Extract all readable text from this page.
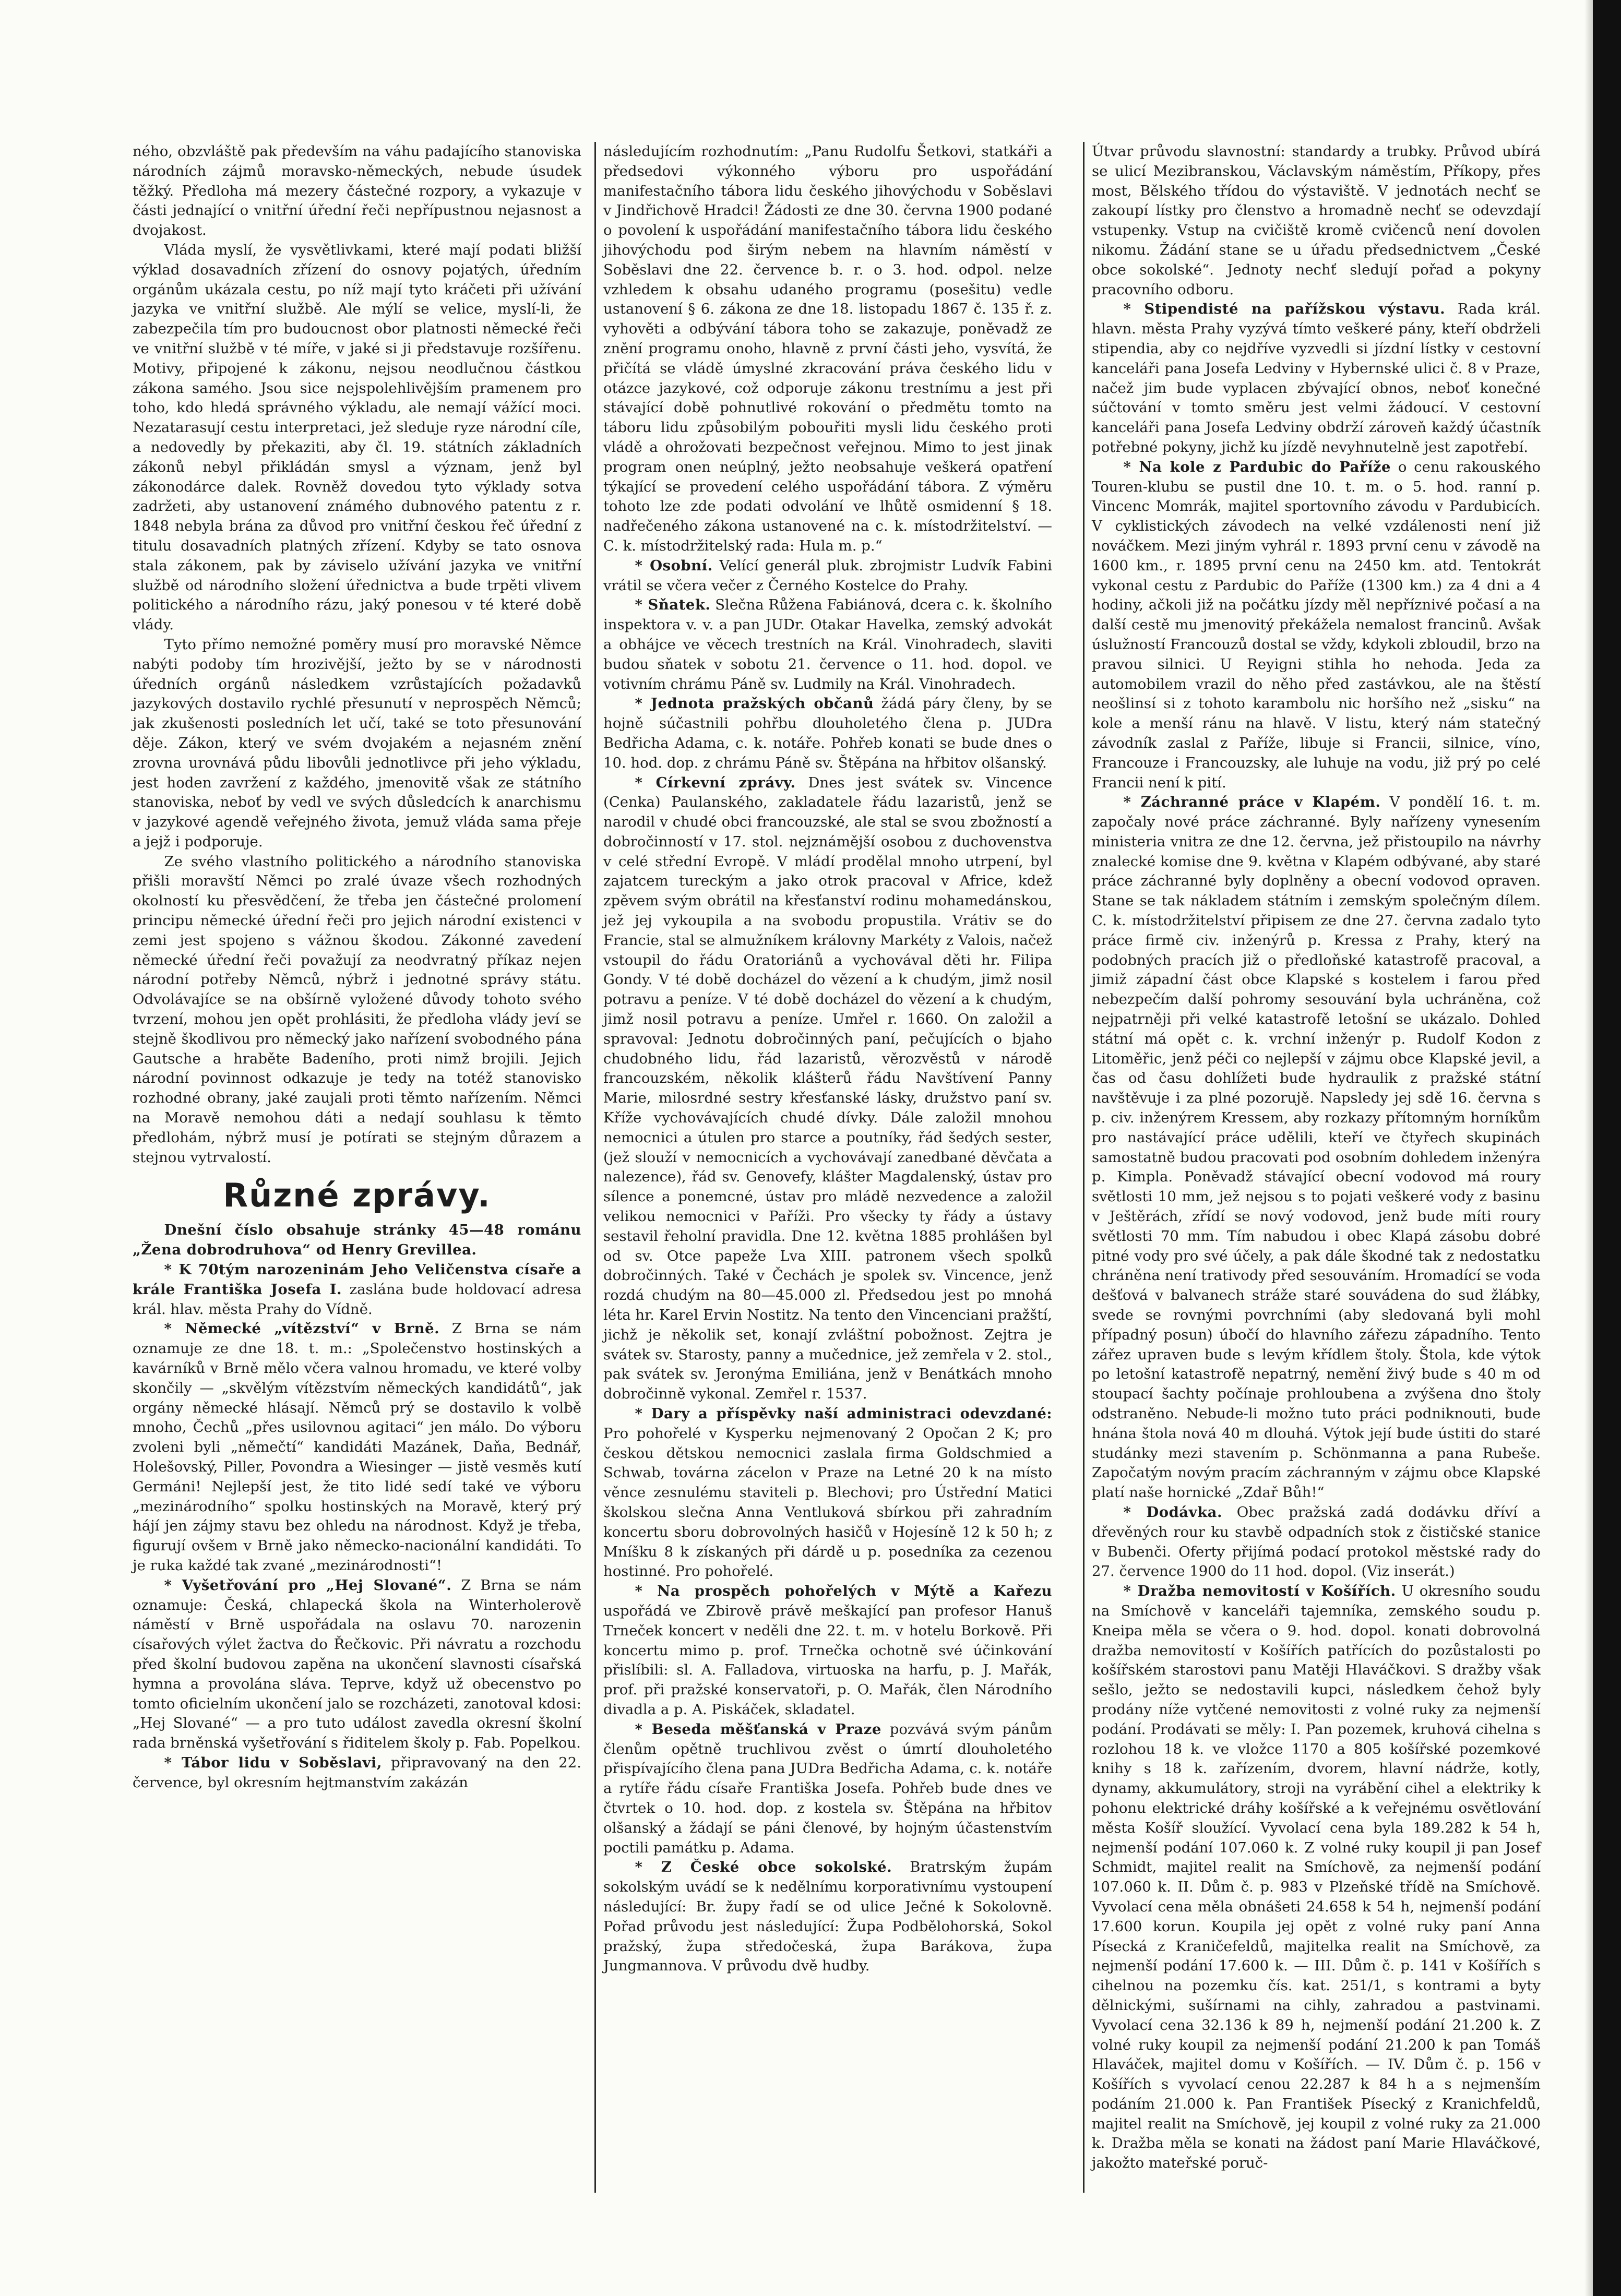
ného, obzvláště pak především na váhu padajícího stanoviska národních zájmů moravsko-německých, nebude úsudek těžký. Předloha má mezery částečné rozpory, a vykazuje v části jednající o vnitřní úřední řeči nepřípustnou nejasnost a dvojakost.

Vláda myslí, že vysvětlivkami, které mají podati bližší výklad dosavadních zřízení do osnovy pojatých, úředním orgánům ukázala cestu, po níž mají tyto kráčeti při užívání jazyka ve vnitřní službě. Ale mýlí se velice, myslí-li, že zabezpečila tím pro budoucnost obor platnosti německé řeči ve vnitřní službě v té míře, v jaké si ji představuje rozšířenu. Motivy, připojené k zákonu, nejsou neodlučnou částkou zákona samého. Jsou sice nejspolehlivějším pramenem pro toho, kdo hledá správného výkladu, ale nemají vážící moci. Nezatarasují cestu interpretaci, jež sleduje ryze národní cíle, a nedovedly by překaziti, aby čl. 19. státních základních zákonů nebyl přikládán smysl a význam, jenž byl zákonodárce dalek. Rovněž dovedou tyto výklady sotva zadržeti, aby ustanovení známého dubnového patentu z r. 1848 nebyla brána za důvod pro vnitřní českou řeč úřední z titulu dosavadních platných zřízení. Kdyby se tato osnova stala zákonem, pak by záviselo užívání jazyka ve vnitřní službě od národního složení úřednictva a bude trpěti vlivem politického a národního rázu, jaký ponesou v té které době vlády.

Tyto přímo nemožné poměry musí pro moravské Němce nabýti podoby tím hrozivější, ježto by se v národnosti úředních orgánů následkem vzrůstajících požadavků jazykových dostavilo rychlé přesunutí v neprospěch Němců; jak zkušenosti posledních let učí, také se toto přesunování děje. Zákon, který ve svém dvojakém a nejasném znění zrovna urovnává půdu libovůli jednotlivce při jeho výkladu, jest hoden zavržení z každého, jmenovitě však ze státního stanoviska, neboť by vedl ve svých důsledcích k anarchismu v jazykové agendě veřejného života, jemuž vláda sama přeje a jejž i podporuje.

Ze svého vlastního politického a národního stanoviska přišli moravští Němci po zralé úvaze všech rozhodných okolností ku přesvědčení, že třeba jen částečné prolomení principu německé úřední řeči pro jejich národní existenci v zemi jest spojeno s vážnou škodou. Zákonné zavedení německé úřední řeči považují za neodvratný příkaz nejen národní potřeby Němců, nýbrž i jednotné správy státu. Odvolávajíce se na obšírně vyložené důvody tohoto svého tvrzení, mohou jen opět prohlásiti, že předloha vlády jeví se stejně škodlivou pro německý jako nařízení svobodného pána Gautsche a hraběte Badeního, proti nimž brojili. Jejich národní povinnost odkazuje je tedy na totéž stanovisko rozhodné obrany, jaké zaujali proti těmto nařízením. Němci na Moravě nemohou dáti a nedají souhlasu k těmto předlohám, nýbrž musí je potírati se stejným důrazem a stejnou vytrvalostí.

Různé zprávy.

Dnešní číslo obsahuje stránky 45—48 románu „Žena dobrodruhova“ od Henry Grevillea.

* K 70tým narozeninám Jeho Veličenstva císaře a krále Františka Josefa I. zaslána bude holdovací adresa král. hlav. města Prahy do Vídně.

* Německé „vítězství“ v Brně. Z Brna se nám oznamuje ze dne 18. t. m.: „Společenstvo hostinských a kavárníků v Brně mělo včera valnou hromadu, ve které volby skončily — „skvělým vítězstvím německých kandidátů“, jak orgány německé hlásají. Němců prý se dostavilo k volbě mnoho, Čechů „přes usilovnou agitaci“ jen málo. Do výboru zvoleni byli „němečtí“ kandidáti Mazánek, Daňa, Bednář, Holešovský, Piller, Povondra a Wiesinger — jistě vesměs kutí Germáni! Nejlepší jest, že tito lidé sedí také ve výboru „mezinárodního“ spolku hostinských na Moravě, který prý hájí jen zájmy stavu bez ohledu na národnost. Když je třeba, figurují ovšem v Brně jako německo-nacionální kandidáti. To je ruka každé tak zvané „mezinárodnosti“!

* Vyšetřování pro „Hej Slované“. Z Brna se nám oznamuje: Česká, chlapecká škola na Winterholerově náměstí v Brně uspořádala na oslavu 70. narozenin císařových výlet žactva do Řečkovic. Při návratu a rozchodu před školní budovou zapěna na ukončení slavnosti císařská hymna a provolána sláva. Teprve, když už obecenstvo po tomto oficielním ukončení jalo se rozcházeti, zanotoval kdosi: „Hej Slované“ — a pro tuto událost zavedla okresní školní rada brněnská vyšetřování s řiditelem školy p. Fab. Popelkou.

* Tábor lidu v Soběslavi, připravovaný na den 22. července, byl okresním hejtmanstvím zakázán

následujícím rozhodnutím: „Panu Rudolfu Šetkovi, statkáři a předsedovi výkonného výboru pro uspořádání manifestačního tábora lidu českého jihovýchodu v Soběslavi v Jindřichově Hradci! Žádosti ze dne 30. června 1900 podané o povolení k uspořádání manifestačního tábora lidu českého jihovýchodu pod širým nebem na hlavním náměstí v Soběslavi dne 22. července b. r. o 3. hod. odpol. nelze vzhledem k obsahu udaného programu (posešitu) vedle ustanovení § 6. zákona ze dne 18. listopadu 1867 č. 135 ř. z. vyhověti a odbývání tábora toho se zakazuje, poněvadž ze znění programu onoho, hlavně z první části jeho, vysvítá, že přičítá se vládě úmyslné zkracování práva českého lidu v otázce jazykové, což odporuje zákonu trestnímu a jest při stávající době pohnutlivé rokování o předmětu tomto na táboru lidu způsobilým pobouřiti mysli lidu českého proti vládě a ohrožovati bezpečnost veřejnou. Mimo to jest jinak program onen neúplný, ježto neobsahuje veškerá opatření týkající se provedení celého uspořádání tábora. Z výměru tohoto lze zde podati odvolání ve lhůtě osmidenní § 18. nadřečeného zákona ustanovené na c. k. místodržitelství. — C. k. místodržitelský rada: Hula m. p.“

* Osobní. Velící generál pluk. zbrojmistr Ludvík Fabini vrátil se včera večer z Černého Kostelce do Prahy.

* Sňatek. Slečna Růžena Fabiánová, dcera c. k. školního inspektora v. v. a pan JUDr. Otakar Havelka, zemský advokát a obhájce ve věcech trestních na Král. Vinohradech, slaviti budou sňatek v sobotu 21. července o 11. hod. dopol. ve votivním chrámu Páně sv. Ludmily na Král. Vinohradech.

* Jednota pražských občanů žádá páry členy, by se hojně súčastnili pohřbu dlouholetého člena p. JUDra Bedřicha Adama, c. k. notáře. Pohřeb konati se bude dnes o 10. hod. dop. z chrámu Páně sv. Štěpána na hřbitov olšanský.

* Církevní zprávy. Dnes jest svátek sv. Vincence (Cenka) Paulanského, zakladatele řádu lazaristů, jenž se narodil v chudé obci francouzské, ale stal se svou zbožností a dobročinností v 17. stol. nejznámější osobou z duchovenstva v celé střední Evropě. V mládí prodělal mnoho utrpení, byl zajatcem tureckým a jako otrok pracoval v Africe, kdež zpěvem svým obrátil na křesťanství rodinu mohamedánskou, jež jej vykoupila a na svobodu propustila. Vrátiv se do Francie, stal se almužníkem královny Markéty z Valois, načež vstoupil do řádu Oratoriánů a vychovával děti hr. Filipa Gondy. V té době docházel do vězení a k chudým, jimž nosil potravu a peníze. V té době docházel do vězení a k chudým, jimž nosil potravu a peníze. Umřel r. 1660. On založil a spravoval: Jednotu dobročinných paní, pečujících o bjaho chudobného lidu, řád lazaristů, věrozvěstů v národě francouzském, několik klášterů řádu Navštívení Panny Marie, milosrdné sestry křesťanské lásky, družstvo paní sv. Kříže vychovávajících chudé dívky. Dále založil mnohou nemocnici a útulen pro starce a poutníky, řád šedých sester, (jež slouží v nemocnicích a vychovávají zanedbané děvčata a nalezence), řád sv. Genovefy, klášter Magdalenský, ústav pro sílence a ponemcné, ústav pro mládě nezvedence a založil velikou nemocnici v Paříži. Pro všecky ty řády a ústavy sestavil řeholní pravidla. Dne 12. května 1885 prohlášen byl od sv. Otce papeže Lva XIII. patronem všech spolků dobročinných. Také v Čechách je spolek sv. Vincence, jenž rozdá chudým na 80—45.000 zl. Předsedou jest po mnohá léta hr. Karel Ervin Nostitz. Na tento den Vincenciani pražští, jichž je několik set, konají zvláštní pobožnost. Zejtra je svátek sv. Starosty, panny a mučednice, jež zemřela v 2. stol., pak svátek sv. Jeronýma Emiliána, jenž v Benátkách mnoho dobročinně vykonal. Zemřel r. 1537.

* Dary a příspěvky naší administraci odevzdané: Pro pohořelé v Kysperku nejmenovaný 2 Opočan 2 K; pro českou dětskou nemocnici zaslala firma Goldschmied a Schwab, továrna zácelon v Praze na Letné 20 k na místo věnce zesnulému staviteli p. Blechovi; pro Ústřední Matici školskou slečna Anna Ventluková sbírkou při zahradním koncertu sboru dobrovolných hasičů v Hojesíně 12 k 50 h; z Mníšku 8 k získaných při dárdě u p. posedníka za cezenou hostinné. Pro pohořelé.

* Na prospěch pohořelých v Mýtě a Kařezu uspořádá ve Zbirově právě meškající pan profesor Hanuš Trneček koncert v neděli dne 22. t. m. v hotelu Borkově. Při koncertu mimo p. prof. Trnečka ochotně své účinkování přislíbili: sl. A. Falladova, virtuoska na harfu, p. J. Mařák, prof. při pražské konservatoři, p. O. Mařák, člen Národního divadla a p. A. Piskáček, skladatel.

* Beseda měšťanská v Praze pozvává svým pánům členům opětně truchlivou zvěst o úmrtí dlouholetého přispívajícího člena pana JUDra Bedřicha Adama, c. k. notáře a rytíře řádu císaře Františka Josefa. Pohřeb bude dnes ve čtvrtek o 10. hod. dop. z kostela sv. Štěpána na hřbitov olšanský a žádají se páni členové, by hojným účastenstvím poctili památku p. Adama.

* Z České obce sokolské. Bratrským župám sokolským uvádí se k nedělnímu korporativnímu vystoupení následující: Br. župy řadí se od ulice Ječné k Sokolovně. Pořad průvodu jest následující: Župa Podbělohorská, Sokol pražský, župa středočeská, župa Barákova, župa Jungmannova. V průvodu dvě hudby.

Útvar průvodu slavnostní: standardy a trubky. Průvod ubírá se ulicí Mezibranskou, Václavským náměstím, Příkopy, přes most, Bělského třídou do výstaviště. V jednotách nechť se zakoupí lístky pro členstvo a hromadně nechť se odevzdají vstupenky. Vstup na cvičiště kromě cvičenců není dovolen nikomu. Žádání stane se u úřadu předsednictvem „České obce sokolské“. Jednoty nechť sledují pořad a pokyny pracovního odboru.

* Stipendisté na pařížskou výstavu. Rada král. hlavn. města Prahy vyzývá tímto veškeré pány, kteří obdrželi stipendia, aby co nejdříve vyzvedli si jízdní lístky v cestovní kanceláři pana Josefa Ledviny v Hybernské ulici č. 8 v Praze, načež jim bude vyplacen zbývající obnos, neboť konečné súčtování v tomto směru jest velmi žádoucí. V cestovní kanceláři pana Josefa Ledviny obdrží zároveň každý účastník potřebné pokyny, jichž ku jízdě nevyhnutelně jest zapotřebí.

* Na kole z Pardubic do Paříže o cenu rakouského Touren-klubu se pustil dne 10. t. m. o 5. hod. ranní p. Vincenc Momrák, majitel sportovního závodu v Pardubicích. V cyklistických závodech na velké vzdálenosti není již nováčkem. Mezi jiným vyhrál r. 1893 první cenu v závodě na 1600 km., r. 1895 první cenu na 2450 km. atd. Tentokrát vykonal cestu z Pardubic do Paříže (1300 km.) za 4 dni a 4 hodiny, ačkoli již na počátku jízdy měl nepříznivé počasí a na další cestě mu jmenovitý překážela nemalost francinů. Avšak úslužností Francouzů dostal se vždy, kdykoli zbloudil, brzo na pravou silnici. U Reyigni stihla ho nehoda. Jeda za automobilem vrazil do něho před zastávkou, ale na štěstí neošlinsí si z tohoto karambolu nic horšího než „sisku“ na kole a menší ránu na hlavě. V listu, který nám statečný závodník zaslal z Paříže, libuje si Francii, silnice, víno, Francouze i Francouzsky, ale luhuje na vodu, již prý po celé Francii není k pití.

* Záchranné práce v Klapém. V pondělí 16. t. m. započaly nové práce záchranné. Byly nařízeny vynesením ministeria vnitra ze dne 12. června, jež přistoupilo na návrhy znalecké komise dne 9. května v Klapém odbývané, aby staré práce záchranné byly doplněny a obecní vodovod opraven. Stane se tak nákladem státním i zemským společným dílem. C. k. místodržitelství připisem ze dne 27. června zadalo tyto práce firmě civ. inženýrů p. Kressa z Prahy, který na podobných pracích již o předloňské katastrofě pracoval, a jimiž západní část obce Klapské s kostelem i farou před nebezpečím další pohromy sesouvání byla uchráněna, což nejpatrněji při velké katastrofě letošní se ukázalo. Dohled státní má opět c. k. vrchní inženýr p. Rudolf Kodon z Litoměřic, jenž péči co nejlepší v zájmu obce Klapské jevil, a čas od času dohlížeti bude hydraulik z pražské státní navštěvuje i za plné pozorujě. Napsledy jej sdě 16. června s p. civ. inženýrem Kressem, aby rozkazy přítomným horníkům pro nastávající práce udělili, kteří ve čtyřech skupinách samostatně budou pracovati pod osobním dohledem inženýra p. Kimpla. Poněvadž stávající obecní vodovod má roury světlosti 10 mm, jež nejsou s to pojati veškeré vody z basinu v Ještěrách, zřídí se nový vodovod, jenž bude míti roury světlosti 70 mm. Tím nabudou i obec Klapá zásobu dobré pitné vody pro své účely, a pak dále škodné tak z nedostatku chráněna není trativody před sesouváním. Hromadící se voda dešťová v balvanech stráže staré souvádena do sud žlábky, svede se rovnými povrchními (aby sledovaná byli mohl případný posun) úbočí do hlavního zářezu západního. Tento zářez upraven bude s levým křídlem štoly. Štola, kde výtok po letošní katastrofě nepatrný, nemění živý bude s 40 m od stoupací šachty počínaje prohloubena a zvýšena dno štoly odstraněno. Nebude-li možno tuto práci podniknouti, bude hnána štola nová 40 m dlouhá. Výtok její bude ústiti do staré studánky mezi stavením p. Schönmanna a pana Rubeše. Započatým novým pracím záchranným v zájmu obce Klapské platí naše hornické „Zdař Bůh!“

* Dodávka. Obec pražská zadá dodávku dříví a dřevěných rour ku stavbě odpadních stok z čističské stanice v Bubenči. Oferty přijímá podací protokol městské rady do 27. července 1900 do 11 hod. dopol. (Viz inserát.)

* Dražba nemovitostí v Košířích. U okresního soudu na Smíchově v kanceláři tajemníka, zemského soudu p. Kneipa měla se včera o 9. hod. dopol. konati dobrovolná dražba nemovitostí v Košířích patřících do pozůstalosti po košířském starostovi panu Matěji Hlaváčkovi. S dražby však sešlo, ježto se nedostavili kupci, následkem čehož byly prodány níže vytčené nemovitosti z volné ruky za nejmenší podání. Prodávati se měly: I. Pan pozemek, kruhová cihelna s rozlohou 18 k. ve vložce 1170 a 805 košířské pozemkové knihy s 18 k. zařízením, dvorem, hlavní nádrže, kotly, dynamy, akkumulátory, stroji na vyrábění cihel a elektriky k pohonu elektrické dráhy košířské a k veřejnému osvětlování města Košíř sloužící. Vyvolací cena byla 189.282 k 54 h, nejmenší podání 107.060 k. Z volné ruky koupil ji pan Josef Schmidt, majitel realit na Smíchově, za nejmenší podání 107.060 k. II. Dům č. p. 983 v Plzeňské třídě na Smíchově. Vyvolací cena měla obnášeti 24.658 k 54 h, nejmenší podání 17.600 korun. Koupila jej opět z volné ruky paní Anna Písecká z Kraničefeldů, majitelka realit na Smíchově, za nejmenší podání 17.600 k. — III. Dům č. p. 141 v Košířích s cihelnou na pozemku čís. kat. 251/1, s kontrami a byty dělnickými, sušírnami na cihly, zahradou a pastvinami. Vyvolací cena 32.136 k 89 h, nejmenší podání 21.200 k. Z volné ruky koupil za nejmenší podání 21.200 k pan Tomáš Hlaváček, majitel domu v Košířích. — IV. Dům č. p. 156 v Košířích s vyvolací cenou 22.287 k 84 h a s nejmenším podáním 21.000 k. Pan František Písecký z Kranichfeldů, majitel realit na Smíchově, jej koupil z volné ruky za 21.000 k. Dražba měla se konati na žádost paní Marie Hlaváčkové, jakožto mateřské poruč-
